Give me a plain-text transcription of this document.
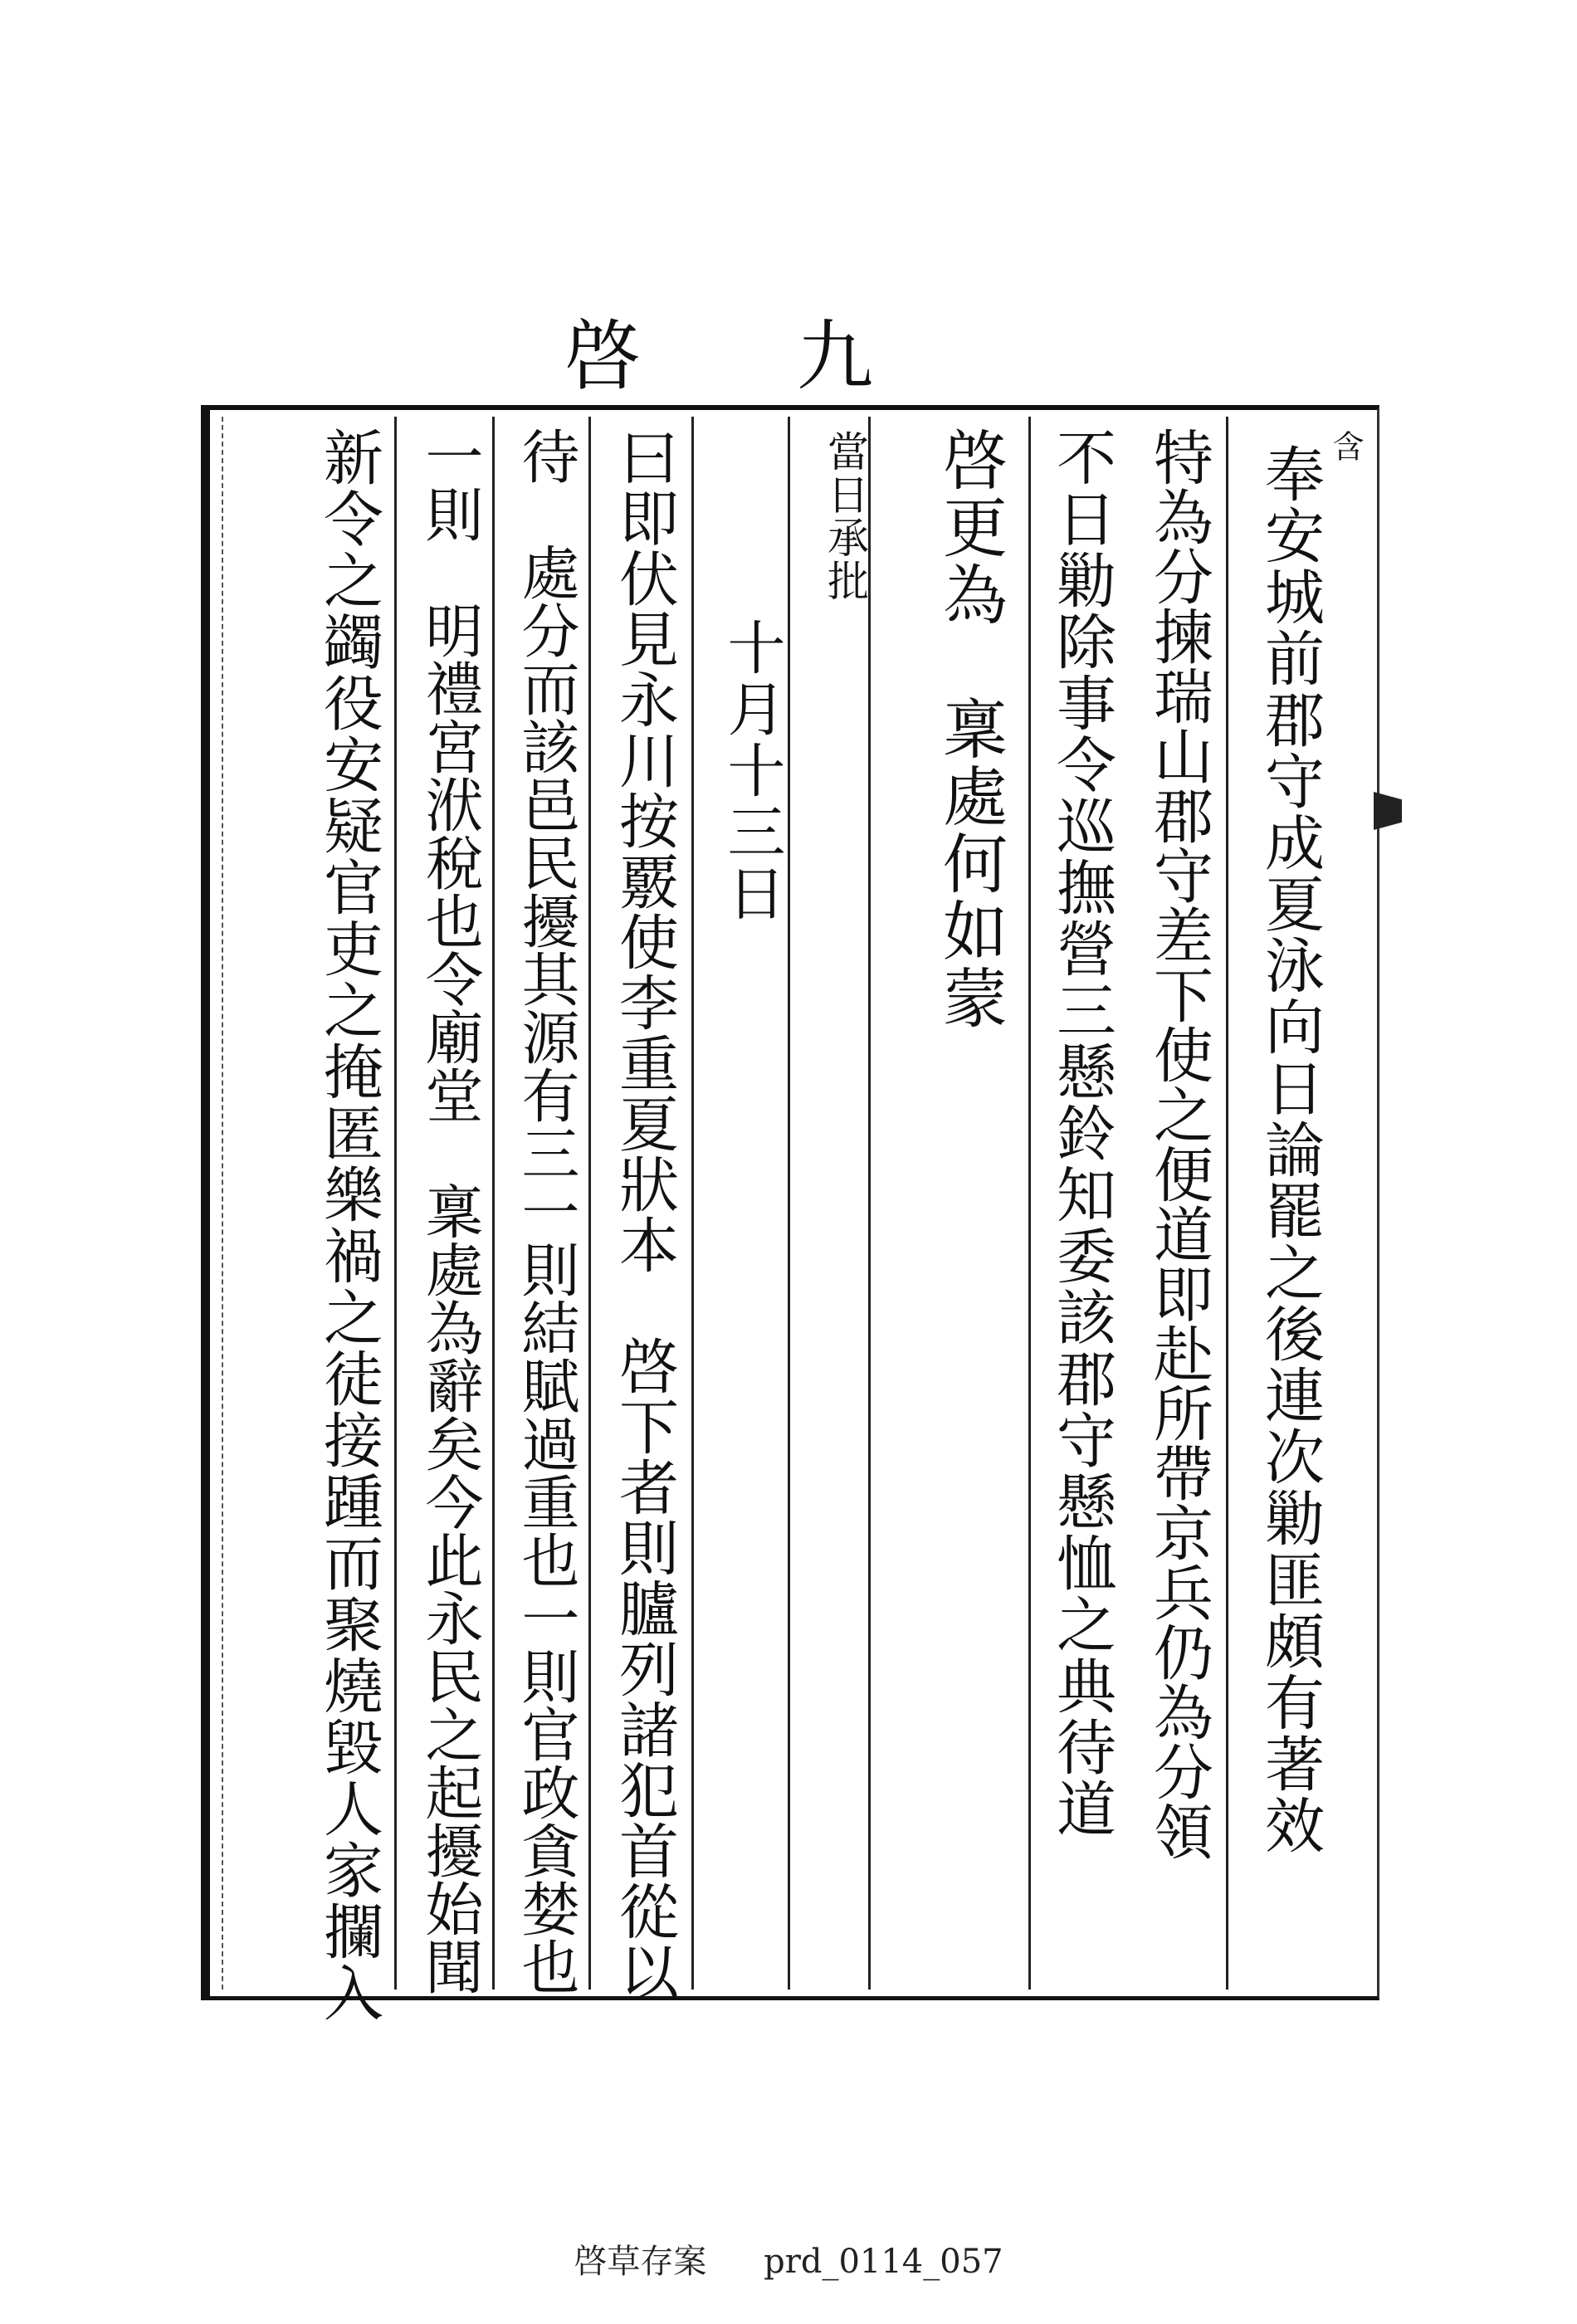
啓 九
含
奉安城前郡守成夏泳向日論罷之後連次勦匪頗有著效
特為分揀瑞山郡守差下使之便道即赴所帶京兵仍為分領
不日勦除事令巡撫營三懸鈴知委該郡守懸恤之典待道
啓更為　稟處何如蒙
當日承批
十月十三日
曰即伏見永川按覈使李重夏狀本　啓下者則臚列諸犯首從以
待　處分而該邑民擾其源有三一則結賦過重也一則官政貪婪也
一則　明禮宮洑稅也令廟堂　稟處為辭矣今此永民之起擾始聞
新令之蠲役安疑官吏之掩匿樂禍之徒接踵而聚燒毀人家攔入
啓草存案 prd_0114_057
